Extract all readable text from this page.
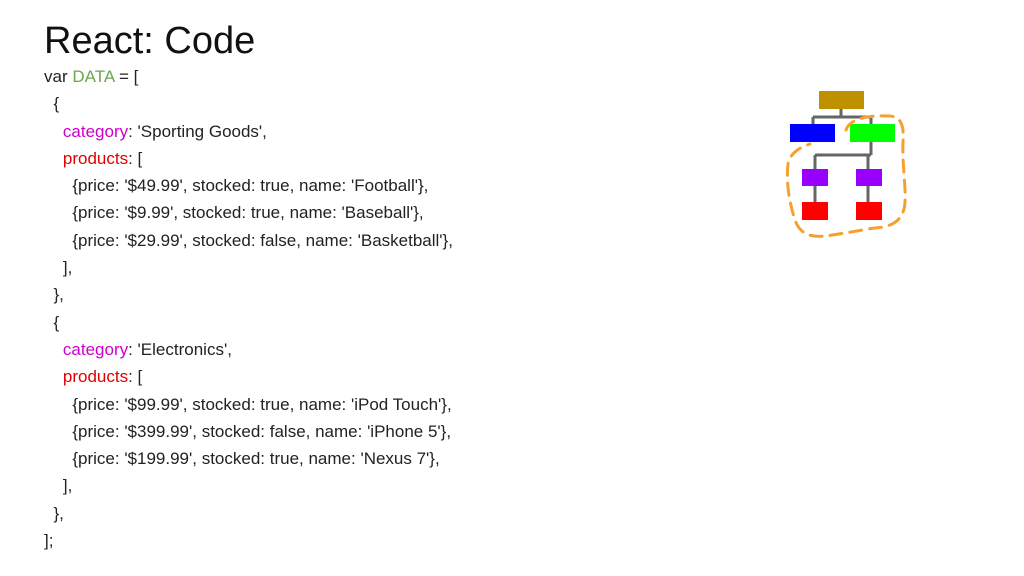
React: Code
var DATA = [
{
category: 'Sporting Goods',
products: [
{price: '$49.99', stocked: true, name: 'Football'},
{price: '$9.99', stocked: true, name: 'Baseball'},
{price: '$29.99', stocked: false, name: 'Basketball'},
],
},
{
category: 'Electronics',
products: [
{price: '$99.99', stocked: true, name: 'iPod Touch'},
{price: '$399.99', stocked: false, name: 'iPhone 5'},
{price: '$199.99', stocked: true, name: 'Nexus 7'},
],
},
];
